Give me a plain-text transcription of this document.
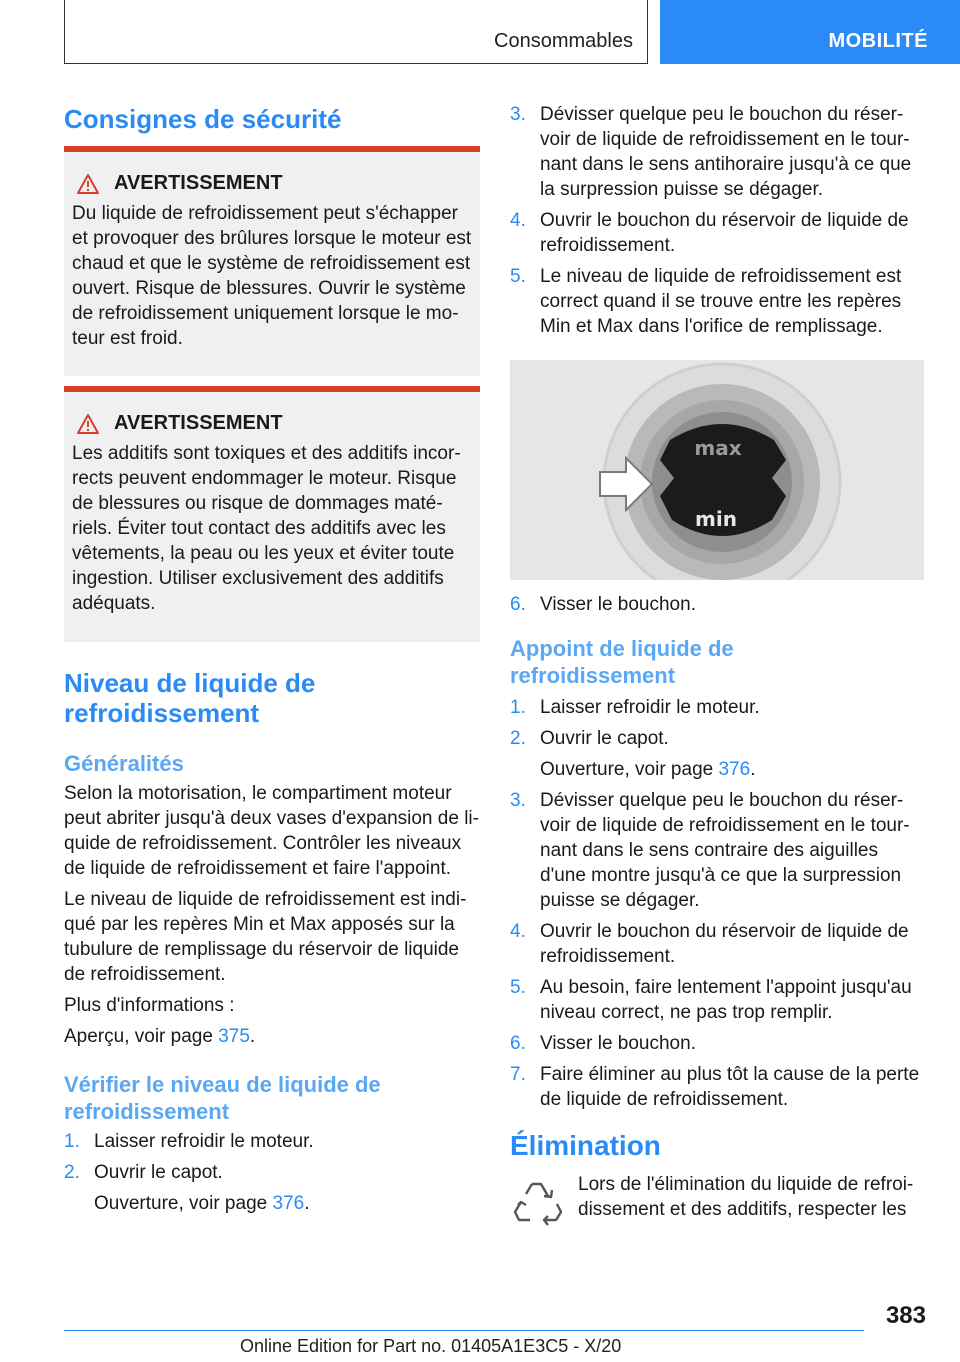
Consommables	MOBILITÉ
Consignes de sécurité
AVERTISSEMENT

Du liquide de refroidissement peut s'échapper

et provoquer des brûlures lorsque le moteur est

chaud et que le système de refroidissement est

ouvert. Risque de blessures. Ouvrir le système

de refroidissement uniquement lorsque le mo‐

teur est froid.

AVERTISSEMENT

Les additifs sont toxiques et des additifs incor‐

rects peuvent endommager le moteur. Risque

de blessures ou risque de dommages maté‐

riels. Éviter tout contact des additifs avec les

vêtements, la peau ou les yeux et éviter toute

ingestion. Utiliser exclusivement des additifs

adéquats.

Niveau de liquide de
refroidissement
Généralités

Selon la motorisation, le compartiment moteur

peut abriter jusqu'à deux vases d'expansion de li‐

quide de refroidissement. Contrôler les niveaux

de liquide de refroidissement et faire l'appoint.

Le niveau de liquide de refroidissement est indi‐

qué par les repères Min et Max apposés sur la

tubulure de remplissage du réservoir de liquide

de refroidissement.

Plus d'informations :

Aperçu, voir page 375.

Vérifier le niveau de liquide de
refroidissement
1. Laisser refroidir le moteur.
2. Ouvrir le capot.
Ouverture, voir page 376.
3. Dévisser quelque peu le bouchon du réser‐ voir de liquide de refroidissement en le tour‐ nant dans le sens antihoraire jusqu'à ce que la surpression puisse se dégager.
4. Ouvrir le bouchon du réservoir de liquide de refroidissement.
5. Le niveau de liquide de refroidissement est correct quand il se trouve entre les repères Min et Max dans l'orifice de remplissage.
max
min
6. Visser le bouchon.
Appoint de liquide de
refroidissement
1. Laisser refroidir le moteur.
2. Ouvrir le capot.
Ouverture, voir page 376.
3. Dévisser quelque peu le bouchon du réser‐ voir de liquide de refroidissement en le tour‐ nant dans le sens contraire des aiguilles d'une montre jusqu'à ce que la surpression puisse se dégager.
4. Ouvrir le bouchon du réservoir de liquide de refroidissement.
5. Au besoin, faire lentement l'appoint jusqu'au niveau correct, ne pas trop remplir.
6. Visser le bouchon.
7. Faire éliminer au plus tôt la cause de la perte de liquide de refroidissement.
Élimination

Lors de l'élimination du liquide de refroi‐

dissement et des additifs, respecter les

383
Online Edition for Part no. 01405A1E3C5 - X/20
